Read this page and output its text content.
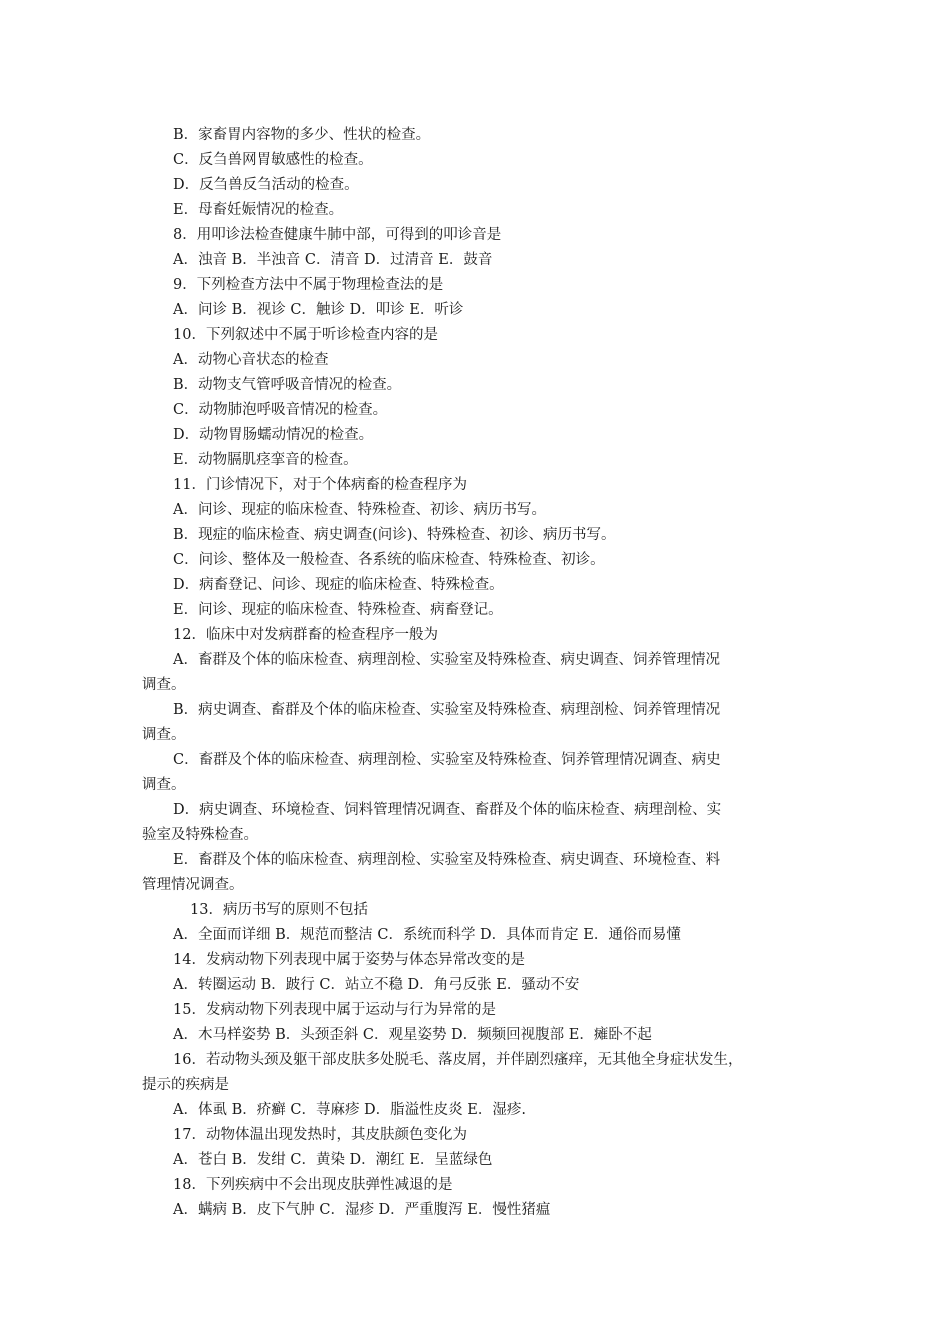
B．家畜胃内容物的多少、性状的检查。
C．反刍兽网胃敏感性的检查。
D．反刍兽反刍活动的检查。
E．母畜妊娠情况的检查。
8．用叩诊法检查健康牛肺中部，可得到的叩诊音是
A．浊音 B．半浊音 C．清音 D．过清音 E．鼓音
9．下列检查方法中不属于物理检查法的是
A．问诊 B．视诊 C．触诊 D．叩诊 E．听诊
10．下列叙述中不属于听诊检查内容的是
A．动物心音状态的检查
B．动物支气管呼吸音情况的检查。
C．动物肺泡呼吸音情况的检查。
D．动物胃肠蠕动情况的检查。
E．动物膈肌痉挛音的检查。
11．门诊情况下，对于个体病畜的检查程序为
A．问诊、现症的临床检查、特殊检查、初诊、病历书写。
B．现症的临床检查、病史调查(问诊)、特殊检查、初诊、病历书写。
C．问诊、整体及一般检查、各系统的临床检查、特殊检查、初诊。
D．病畜登记、问诊、现症的临床检查、特殊检查。
E．问诊、现症的临床检查、特殊检查、病畜登记。
12．临床中对发病群畜的检查程序一般为
A．畜群及个体的临床检查、病理剖检、实验室及特殊检查、病史调查、饲养管理情况
调查。
B．病史调查、畜群及个体的临床检查、实验室及特殊检查、病理剖检、饲养管理情况
调查。
C．畜群及个体的临床检查、病理剖检、实验室及特殊检查、饲养管理情况调查、病史
调查。
D．病史调查、环境检查、饲料管理情况调查、畜群及个体的临床检查、病理剖检、实
验室及特殊检查。
E．畜群及个体的临床检查、病理剖检、实验室及特殊检查、病史调查、环境检查、料
管理情况调查。
13．病历书写的原则不包括
A．全面而详细 B．规范而整洁 C．系统而科学 D．具体而肯定 E．通俗而易懂
14．发病动物下列表现中属于姿势与体态异常改变的是
A．转圈运动 B．跛行 C．站立不稳 D．角弓反张 E．骚动不安
15．发病动物下列表现中属于运动与行为异常的是
A．木马样姿势 B．头颈歪斜 C．观星姿势 D．频频回视腹部 E．瘫卧不起
16．若动物头颈及躯干部皮肤多处脱毛、落皮屑，并伴剧烈瘙痒，无其他全身症状发生，
提示的疾病是
A．体虱 B．疥癣 C．荨麻疹 D．脂溢性皮炎 E．湿疹.
17．动物体温出现发热时，其皮肤颜色变化为
A．苍白 B．发绀 C．黄染 D．潮红 E．呈蓝绿色
18．下列疾病中不会出现皮肤弹性减退的是
A．螨病 B．皮下气肿 C．湿疹 D．严重腹泻 E．慢性猪瘟
